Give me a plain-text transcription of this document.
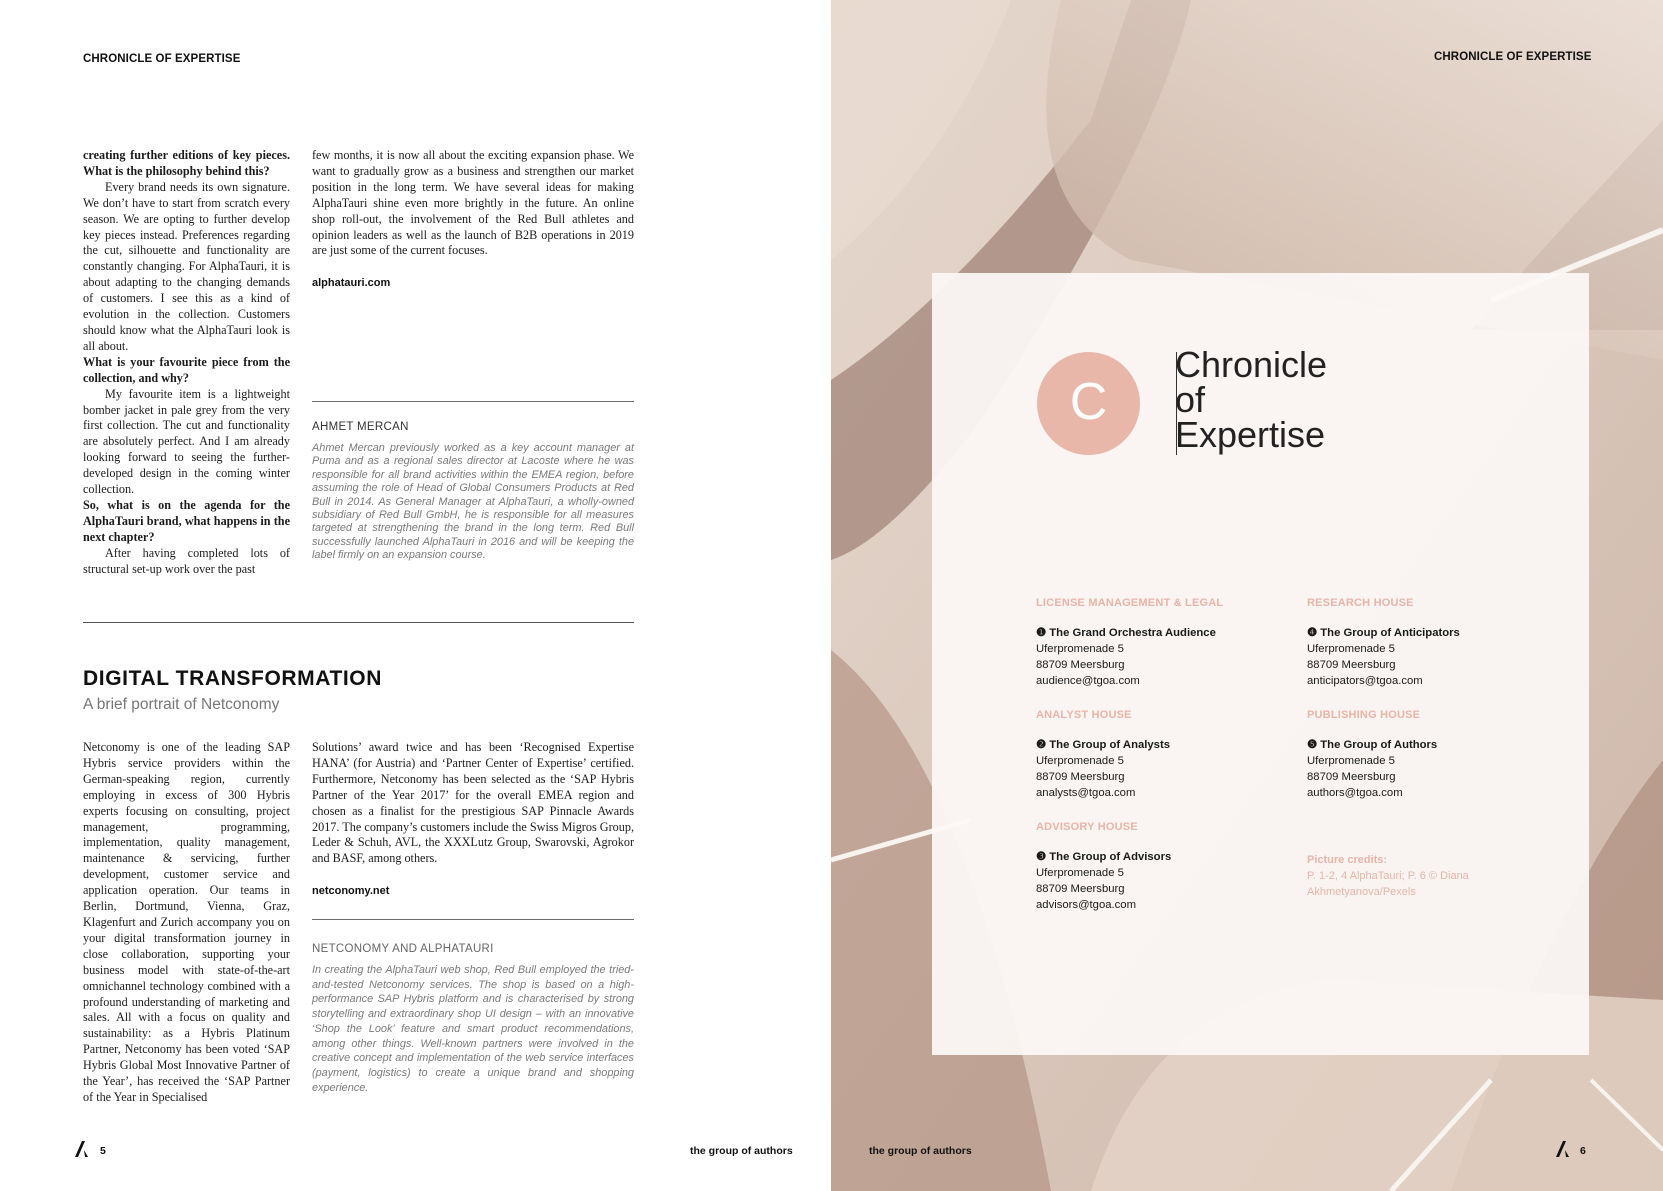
CHRONICLE OF EXPERTISE

creating further editions of key pieces. What is the philosophy behind this?

Every brand needs its own signature. We don’t have to start from scratch every season. We are opting to further develop key pieces instead. Preferences regarding the cut, silhouette and functionality are constantly changing. For AlphaTauri, it is about adapting to the changing demands of customers. I see this as a kind of evolution in the collection. Customers should know what the AlphaTauri look is all about.

What is your favourite piece from the collection, and why?

My favourite item is a lightweight bomber jacket in pale grey from the very first collection. The cut and functionality are absolutely perfect. And I am already looking forward to seeing the further-developed design in the coming winter collection.

So, what is on the agenda for the AlphaTauri brand, what happens in the next chapter?

After having completed lots of structural set-up work over the past

few months, it is now all about the exciting expansion phase. We want to gradually grow as a business and strengthen our market position in the long term. We have several ideas for making AlphaTauri shine even more brightly in the future. An online shop roll-out, the involvement of the Red Bull athletes and opinion leaders as well as the launch of B2B operations in 2019 are just some of the current focuses.

alphatauri.com
AHMET MERCAN
Ahmet Mercan previously worked as a key account manager at Puma and as a regional sales director at Lacoste where he was responsible for all brand activities within the EMEA region, before assuming the role of Head of Global Consumers Products at Red Bull in 2014. As General Manager at AlphaTauri, a wholly-owned subsidiary of Red Bull GmbH, he is responsible for all measures targeted at strengthening the brand in the long term. Red Bull successfully launched AlphaTauri in 2016 and will be keeping the label firmly on an expansion course.
DIGITAL TRANSFORMATION
A brief portrait of Netconomy

Netconomy is one of the leading SAP Hybris service providers within the German-speaking region, currently employing in excess of 300 Hybris experts focusing on consulting, project management, programming, implementation, quality management, maintenance & servicing, further development, customer service and application operation. Our teams in Berlin, Dortmund, Vienna, Graz, Klagenfurt and Zurich accompany you on your digital transformation journey in close collaboration, supporting your business model with state-of-the-art omnichannel technology combined with a profound understanding of marketing and sales. All with a focus on quality and sustainability: as a Hybris Platinum Partner, Netconomy has been voted ‘SAP Hybris Global Most Innovative Partner of the Year’, has received the ‘SAP Partner of the Year in Specialised

Solutions’ award twice and has been ‘Recognised Expertise HANA’ (for Austria) and ‘Partner Center of Expertise’ certified. Furthermore, Netconomy has been selected as the ‘SAP Hybris Partner of the Year 2017’ for the overall EMEA region and chosen as a finalist for the prestigious SAP Pinnacle Awards 2017. The company’s customers include the Swiss Migros Group, Leder & Schuh, AVL, the XXXLutz Group, Swarovski, Agrokor and BASF, among others.

netconomy.net
NETCONOMY AND ALPHATAURI
In creating the AlphaTauri web shop, Red Bull employed the tried-and-tested Netconomy services. The shop is based on a high-performance SAP Hybris platform and is characterised by strong storytelling and extraordinary shop UI design – with an innovative ‘Shop the Look’ feature and smart product recommendations, among other things. Well-known partners were involved in the creative concept and implementation of the web service interfaces (payment, logistics) to create a unique brand and shopping experience.
5	the group of authors
CHRONICLE OF EXPERTISE
C
Chronicle
of
Expertise
LICENSE MANAGEMENT & LEGAL
❶ The Grand Orchestra Audience
Uferpromenade 5
88709 Meersburg
audience@tgoa.com
ANALYST HOUSE
❷ The Group of Analysts
Uferpromenade 5
88709 Meersburg
analysts@tgoa.com
ADVISORY HOUSE
❸ The Group of Advisors
Uferpromenade 5
88709 Meersburg
advisors@tgoa.com
RESEARCH HOUSE
❹ The Group of Anticipators
Uferpromenade 5
88709 Meersburg
anticipators@tgoa.com
PUBLISHING HOUSE
❺ The Group of Authors
Uferpromenade 5
88709 Meersburg
authors@tgoa.com
Picture credits:
P. 1-2, 4 AlphaTauri; P. 6 © Diana Akhmetyanova/Pexels
the group of authors	6
